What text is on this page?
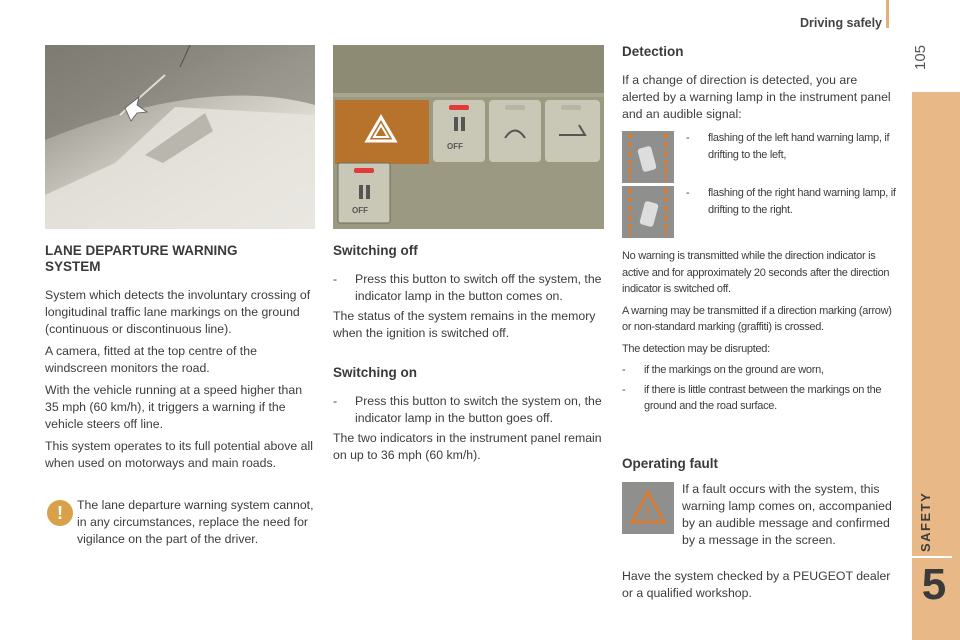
Driving safely
105
SAFETY
5
OFF
OFF
LANE DEPARTURE WARNING SYSTEM

System which detects the involuntary crossing of longitudinal traffic lane markings on the ground (continuous or discontinuous line).

A camera, fitted at the top centre of the windscreen monitors the road.

With the vehicle running at a speed higher than 35 mph (60 km/h), it triggers a warning if the vehicle steers off line.

This system operates to its full potential above all when used on motorways and main roads.

!	The lane departure warning system cannot, in any circumstances, replace the need for vigilance on the part of the driver.
Switching off
-	Press this button to switch off the system, the indicator lamp in the button comes on.

The status of the system remains in the memory when the ignition is switched off.

Switching on
-	Press this button to switch the system on, the indicator lamp in the button goes off.

The two indicators in the instrument panel remain on up to 36 mph (60 km/h).

Detection

If a change of direction is detected, you are alerted by a warning lamp in the instrument panel and an audible signal:

-	flashing of the left hand warning lamp, if drifting to the left,
-	flashing of the right hand warning lamp, if drifting to the right.

No warning is transmitted while the direction indicator is active and for approximately 20 seconds after the direction indicator is switched off.

A warning may be transmitted if a direction marking (arrow) or non-standard marking (graffiti) is crossed.

The detection may be disrupted:

-	if the markings on the ground are worn,
-	if there is little contrast between the markings on the ground and the road surface.
Operating fault
!
If a fault occurs with the system, this warning lamp comes on, accompanied by an audible message and confirmed by a message in the screen.
Have the system checked by a PEUGEOT dealer or a qualified workshop.
